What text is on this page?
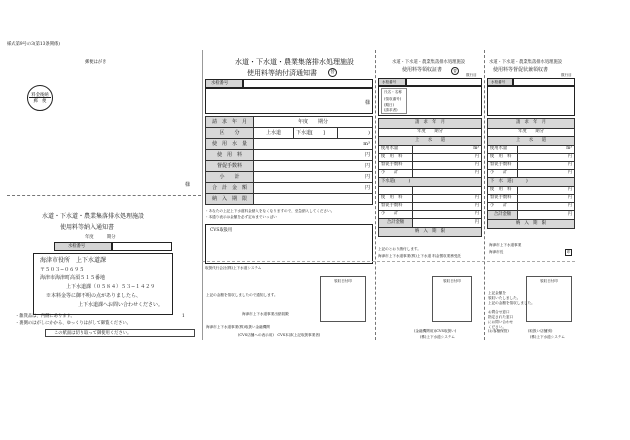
様式第9号の3(第13条関係)
郵便はがき
料金後納
郵　便
様
水道・下水道・農業集落排水処理施設
使用料等納入通知書
年度	期分
水栓番号
海津市役所　上下水道課
〒５０３−０６９５
海津市海津町高須５１５番地
上下水道課（０５８４）５３−１４２９
※本料金等に御不明の点がありましたら、
上下水道課へお問い合わせください。
・雑貨品は、内側にあります。	1
・裏側のはがしにかかる、ゆっくりはがして御覧ください。
この紙面は切り取って御使用ください。
水道・下水道・農業集落排水処理施設
使用料等納付済通知書	替
水栓番号
様
請　求　年　月	年度　　 期分		
区　　分	上水道	下水道[　　]	)
使　用　水　量	m³		
使　用　料	円		
督促手数料	円		
小　　計	円		
合　計　金　額	円		
納　入　期　限			
・あなたの上記上下水道料金納入をなくなりますので、至急納入してください。
・本通り表示は金額を必ず定めまでいっぱい
CVS取扱用
取扱代行会社(株)上下水道システム
水道・下水道・農業集落排水処理施設
使用料等領収証書	替
数行目
水栓番号
氏名・名称
(領収番号)
(期日)
(請求者)
請　求　年　月	
年度　　 期分	
上　　水　　道	
使用水量	m³
使　用　料	円
督促手数料	円
小　　計	円
下水道(　　　)	

使　用　料	円
督促手数料	円
小　　計	円
合計金額	円
納　入　期　限	
上記のとおり納付します。
海津市上下水道事業(株)上下水道 料金徴収業務受託
水道・下水道・農業集落排水処理施設
使用料等督促状兼領収書
数行目
水栓番号
請　求　年　月	
年度　　 期分	
上　　水　　道	
使用水量	m³
使　用　料	円
督促手数料	円
小　　計	円
下　水　道(　　　)	
使　用　料	円
督促手数料	円
小　　計	円
合計金額	円
納　入　期　限	
海津市上下水道事業
海津市長	印
領収日付印	領収日付印	領収日付印
上記の金額を領収しましたので通知します。
海津市上下水道事業出納員殿
海津市上下水道事業(株)取扱い金融機関
(CVS店舗への表示用)　CVS本部(上記取扱事業者)
(金融機関用)(CVS取扱い)
(株)上下水道システム
上記金額を
領収いたしました。
上記の金額を領収しました。
(お客様保管)
お問合せ窓口
指定された窓口
にお問い合わせ
ください。
(取扱い店舗別)
(株)上下水道システム
